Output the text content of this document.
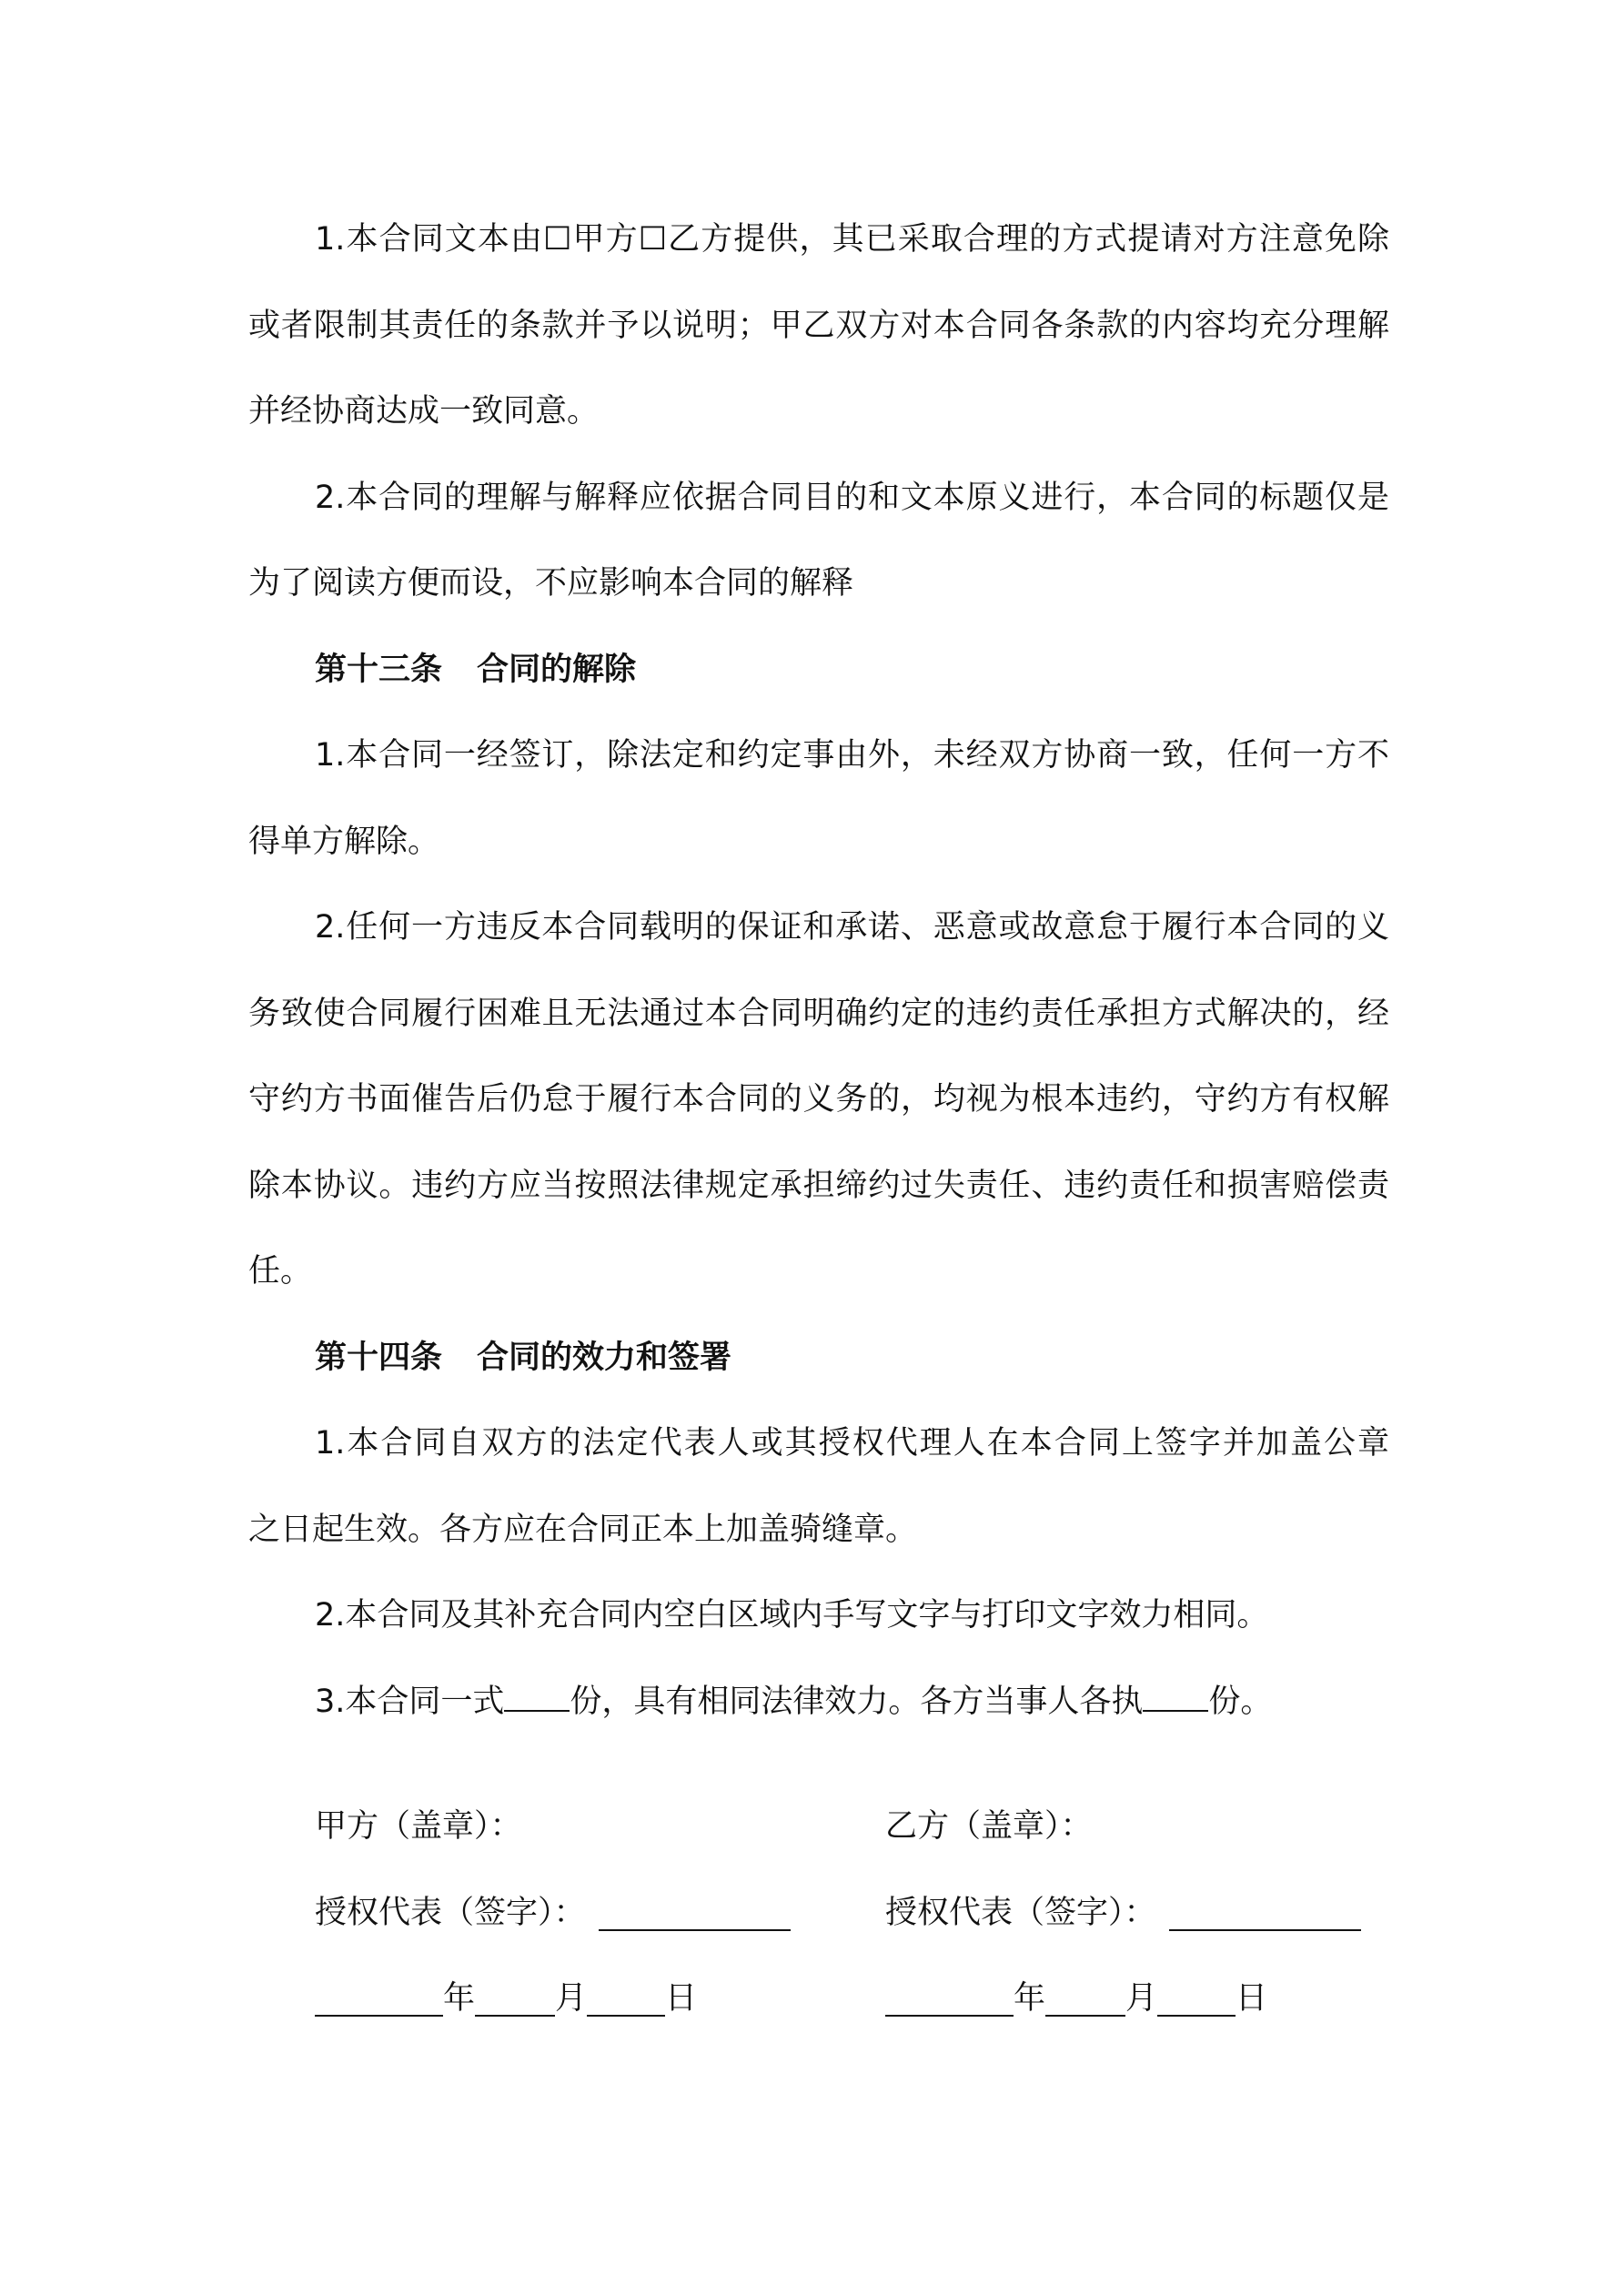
1.本合同文本由☐甲方☐乙方提供，其已采取合理的方式提请对方注意免除
或者限制其责任的条款并予以说明；甲乙双方对本合同各条款的内容均充分理解
并经协商达成一致同意。
2.本合同的理解与解释应依据合同目的和文本原义进行，本合同的标题仅是
为了阅读方便而设，不应影响本合同的解释
第十三条 合同的解除
1.本合同一经签订，除法定和约定事由外，未经双方协商一致，任何一方不
得单方解除。
2.任何一方违反本合同载明的保证和承诺、恶意或故意怠于履行本合同的义
务致使合同履行困难且无法通过本合同明确约定的违约责任承担方式解决的，经
守约方书面催告后仍怠于履行本合同的义务的，均视为根本违约，守约方有权解
除本协议。违约方应当按照法律规定承担缔约过失责任、违约责任和损害赔偿责
任。
第十四条 合同的效力和签署
1.本合同自双方的法定代表人或其授权代理人在本合同上签字并加盖公章
之日起生效。各方应在合同正本上加盖骑缝章。
2.本合同及其补充合同内空白区域内手写文字与打印文字效力相同。
3.本合同一式 份，具有相同法律效力。各方当事人各执 份。
甲方（盖章）：	乙方（盖章）：
授权代表（签字）：	授权代表（签字）：
年	月 日	年	月 日
